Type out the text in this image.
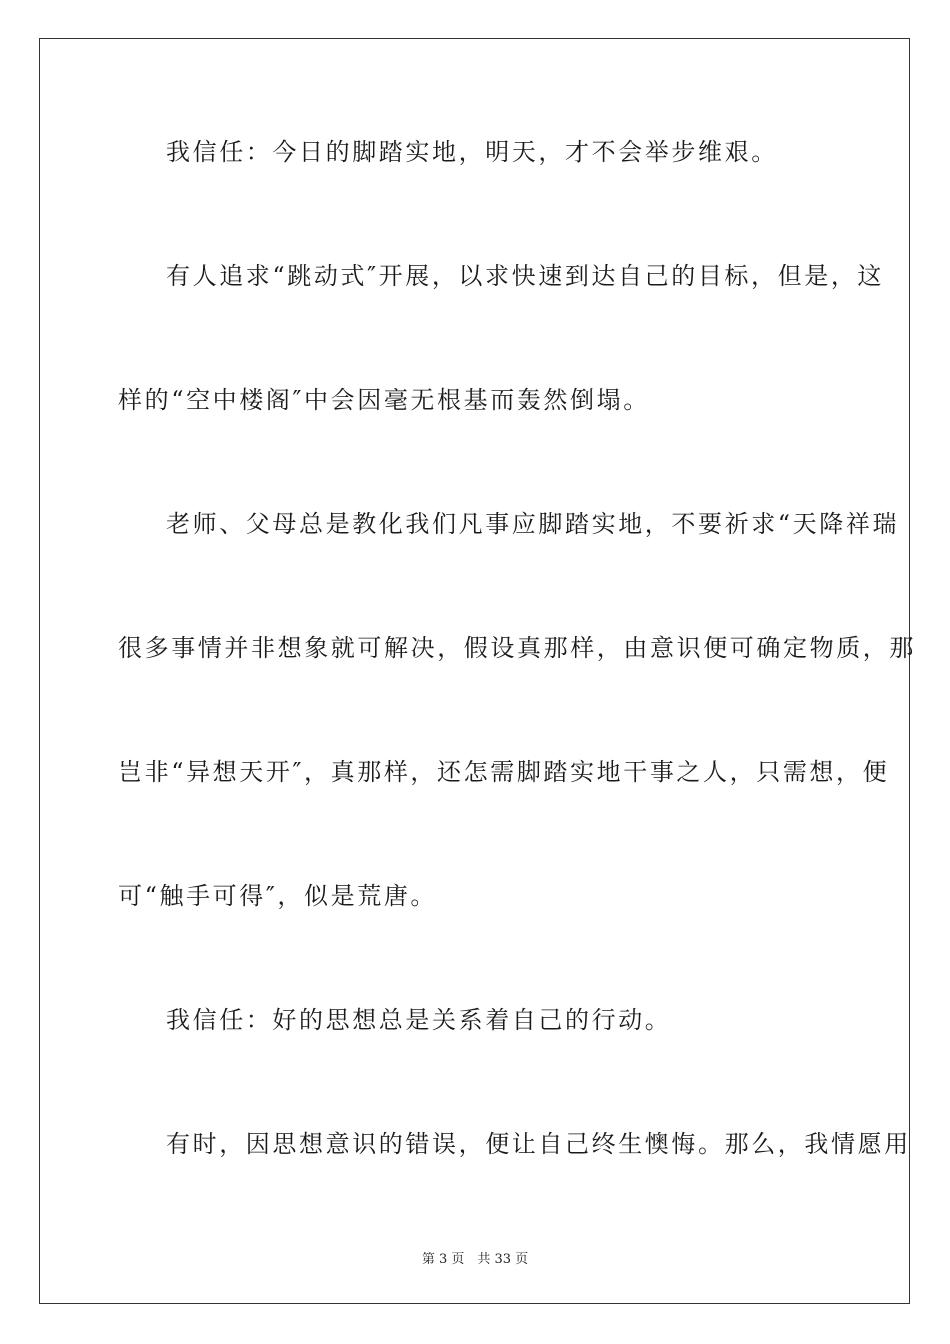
我信任：今日的脚踏实地，明天，才不会举步维艰。
有人追求“跳动式″开展，以求快速到达自己的目标，但是，这
样的“空中楼阁″中会因毫无根基而轰然倒塌。
老师、父母总是教化我们凡事应脚踏实地，不要祈求“天降祥瑞
很多事情并非想象就可解决，假设真那样，由意识便可确定物质，那
岂非“异想天开″，真那样，还怎需脚踏实地干事之人，只需想，便
可“触手可得″，似是荒唐。
我信任：好的思想总是关系着自己的行动。
有时，因思想意识的错误，便让自己终生懊悔。那么，我情愿用
第 3 页　共 33 页
